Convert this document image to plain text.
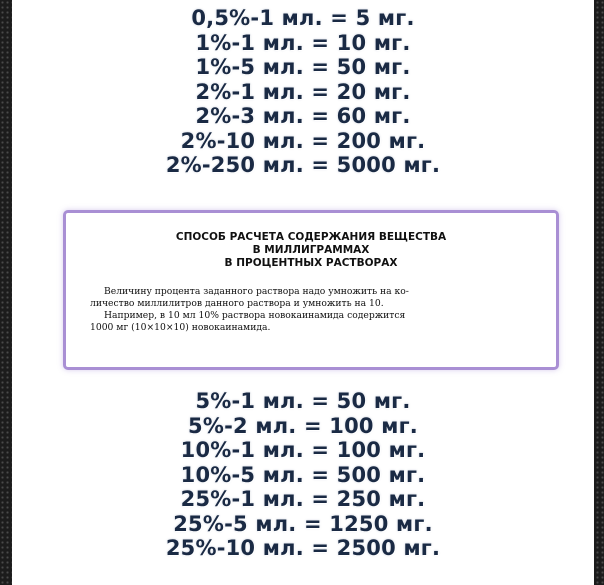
0,5%-1 мл. = 5 мг.
1%-1 мл. = 10 мг.
1%-5 мл. = 50 мг.
2%-1 мл. = 20 мг.
2%-3 мл. = 60 мг.
2%-10 мл. = 200 мг.
2%-250 мл. = 5000 мг.
СПОСОБ РАСЧЕТА СОДЕРЖАНИЯ ВЕЩЕСТВА
В МИЛЛИГРАММАХ
В ПРОЦЕНТНЫХ РАСТВОРАХ
Величину процента заданного раствора надо умножить на ко-
личество миллилитров данного раствора и умножить на 10.
Например, в 10 мл 10% раствора новокаинамида содержится
1000 мг (10×10×10) новокаинамида.
5%-1 мл. = 50 мг.
5%-2 мл. = 100 мг.
10%-1 мл. = 100 мг.
10%-5 мл. = 500 мг.
25%-1 мл. = 250 мг.
25%-5 мл. = 1250 мг.
25%-10 мл. = 2500 мг.
